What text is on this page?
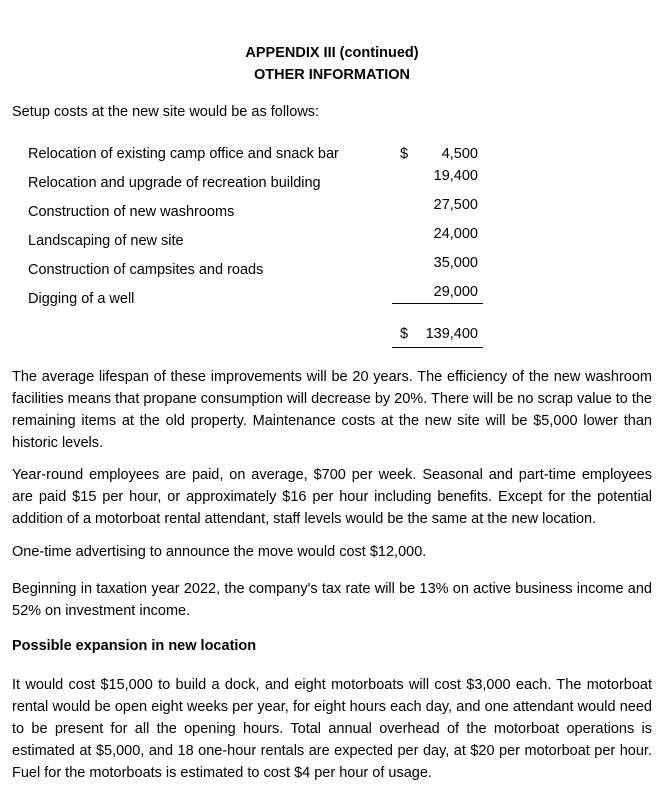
APPENDIX III (continued)
OTHER INFORMATION
Setup costs at the new site would be as follows:
Relocation of existing camp office and snack bar	$ 4,500
Relocation and upgrade of recreation building	19,400
Construction of new washrooms	27,500
Landscaping of new site	24,000
Construction of campsites and roads	35,000
Digging of a well	29,000
$ 139,400

The average lifespan of these improvements will be 20 years. The efficiency of the new washroom facilities means that propane consumption will decrease by 20%. There will be no scrap value to the remaining items at the old property. Maintenance costs at the new site will be $5,000 lower than historic levels.

Year-round employees are paid, on average, $700 per week. Seasonal and part-time employees are paid $15 per hour, or approximately $16 per hour including benefits. Except for the potential addition of a motorboat rental attendant, staff levels would be the same at the new location.

One-time advertising to announce the move would cost $12,000.

Beginning in taxation year 2022, the company's tax rate will be 13% on active business income and 52% on investment income.

Possible expansion in new location

It would cost $15,000 to build a dock, and eight motorboats will cost $3,000 each. The motorboat rental would be open eight weeks per year, for eight hours each day, and one attendant would need to be present for all the opening hours. Total annual overhead of the motorboat operations is estimated at $5,000, and 18 one-hour rentals are expected per day, at $20 per motorboat per hour. Fuel for the motorboats is estimated to cost $4 per hour of usage.
